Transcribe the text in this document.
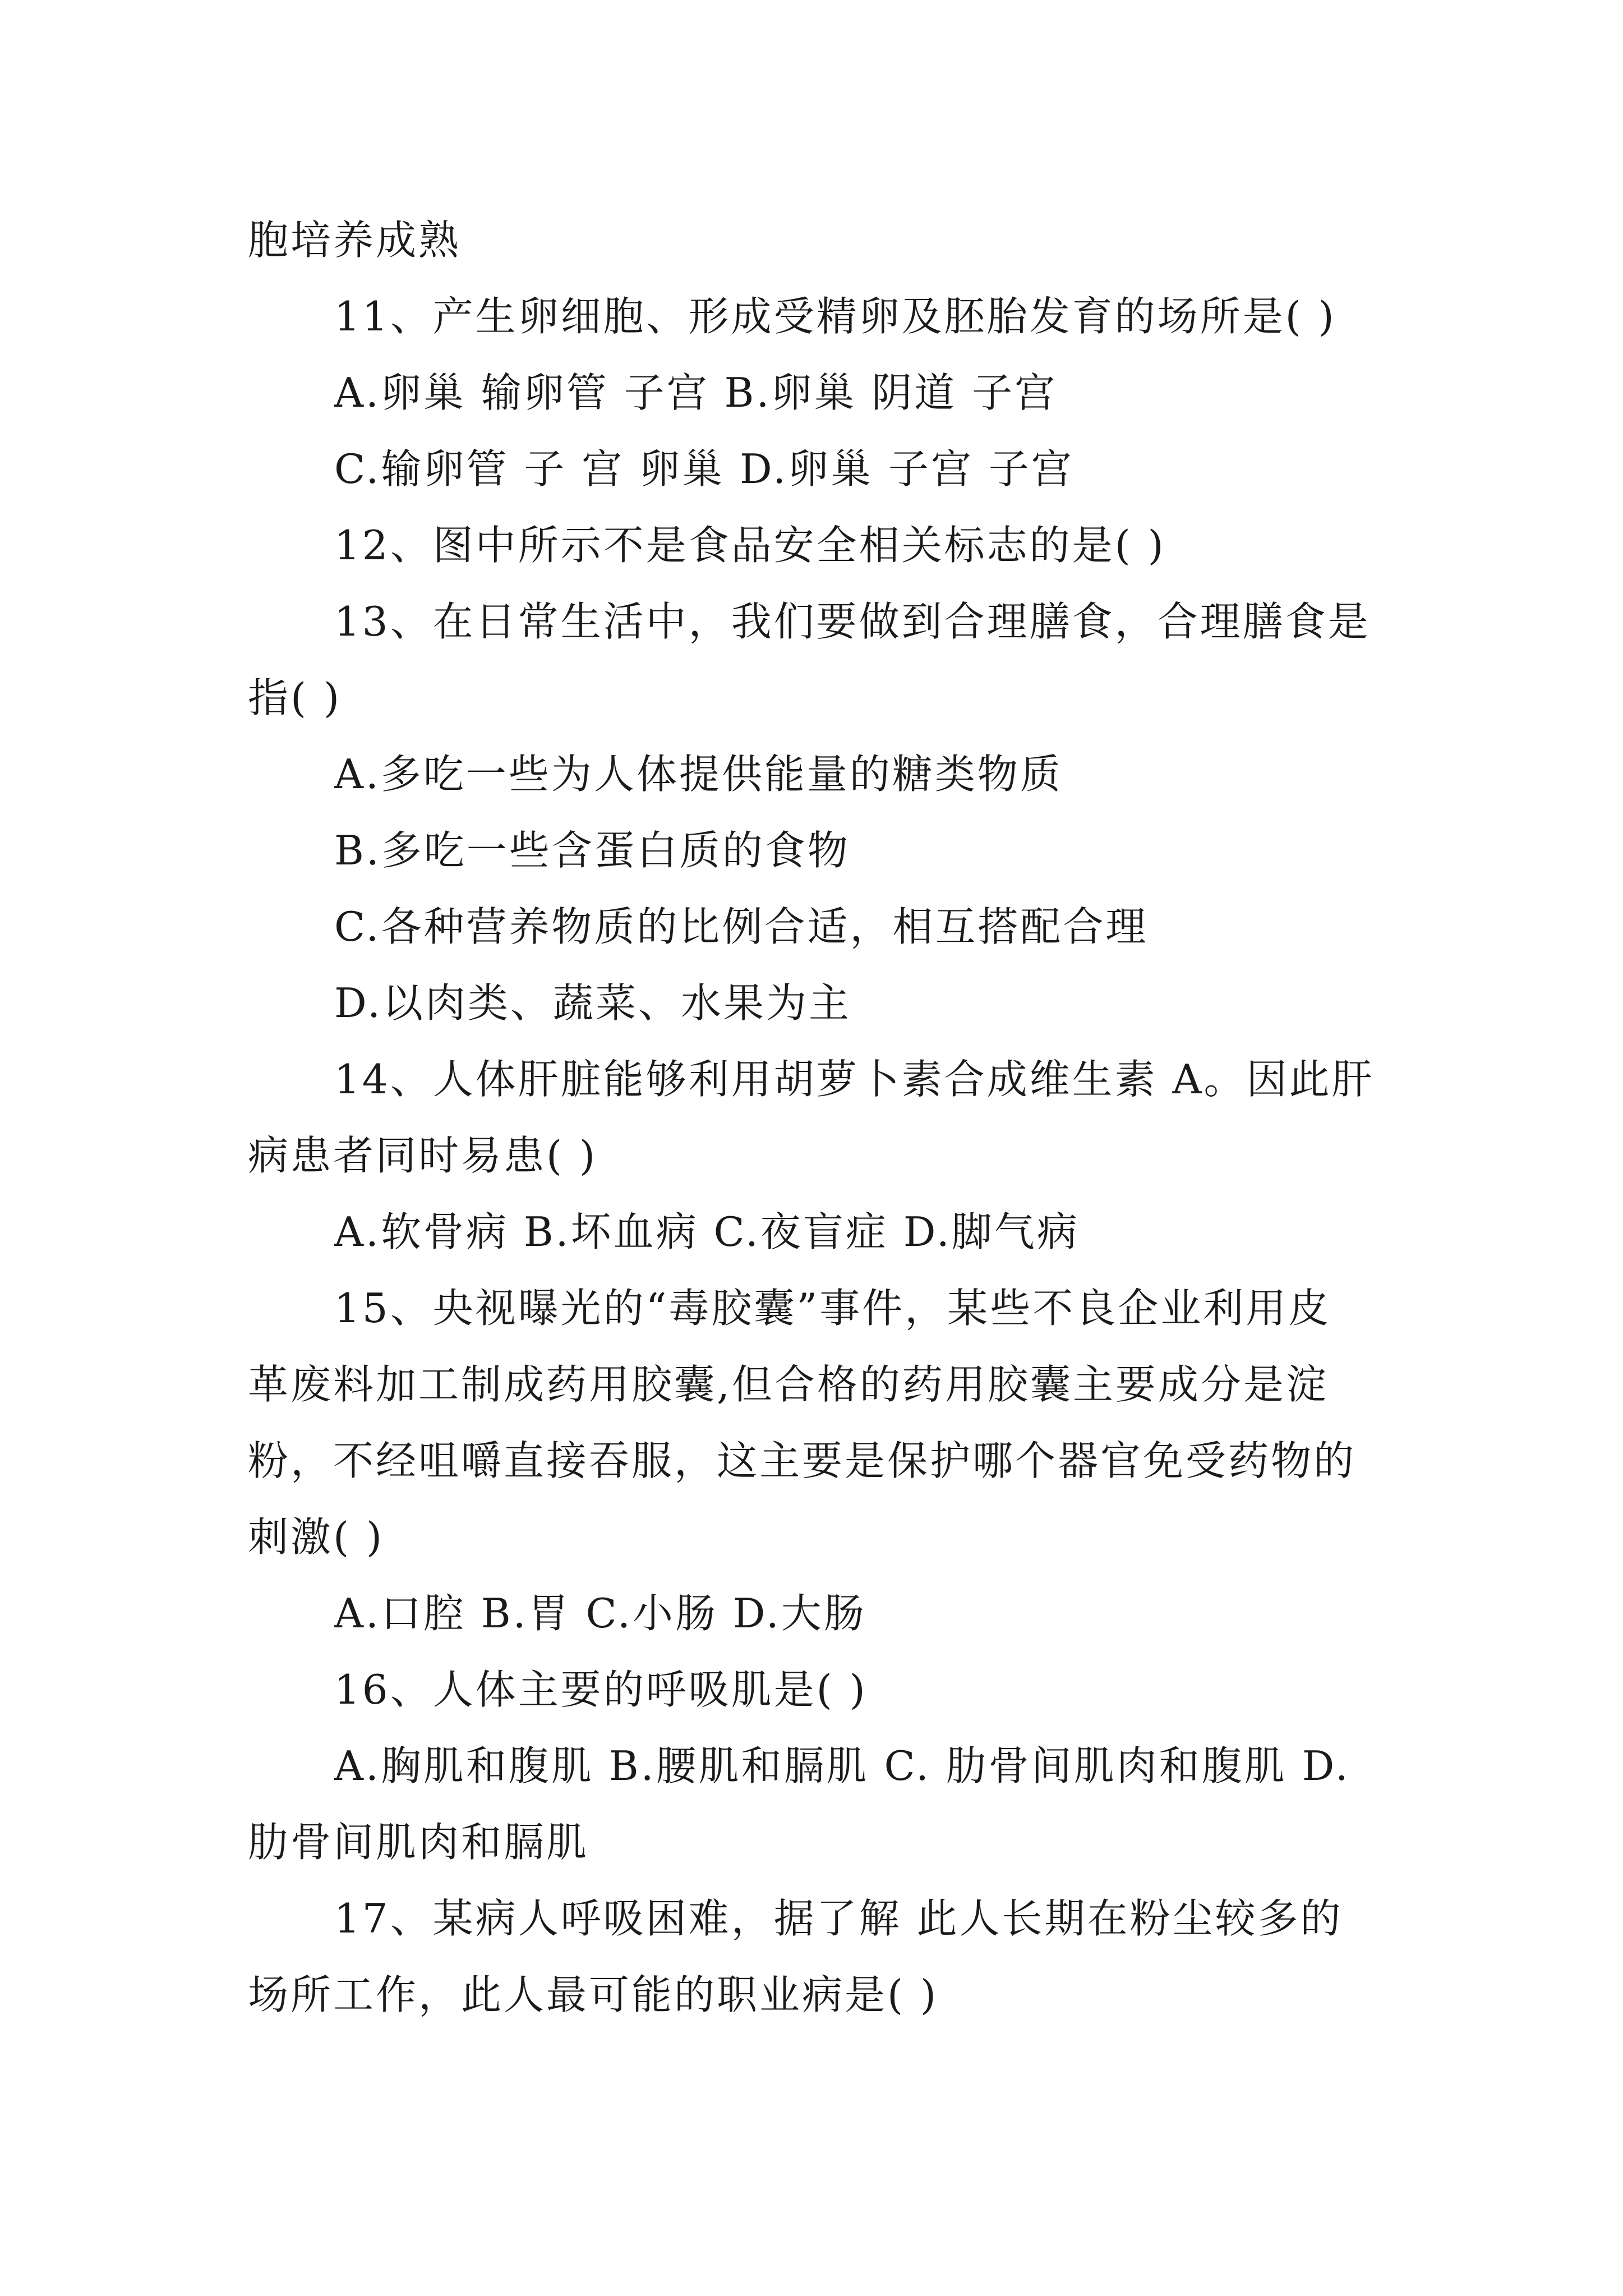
胞培养成熟
11、产生卵细胞、形成受精卵及胚胎发育的场所是( )
A.卵巢 输卵管 子宫 B.卵巢 阴道 子宫
C.输卵管 子 宫 卵巢 D.卵巢 子宫 子宫
12、图中所示不是食品安全相关标志的是( )
13、在日常生活中，我们要做到合理膳食，合理膳食是
指( )
A.多吃一些为人体提供能量的糖类物质
B.多吃一些含蛋白质的食物
C.各种营养物质的比例合适，相互搭配合理
D.以肉类、蔬菜、水果为主
14、人体肝脏能够利用胡萝卜素合成维生素 A。因此肝
病患者同时易患( )
A.软骨病 B.坏血病 C.夜盲症 D.脚气病
15、央视曝光的“毒胶囊”事件，某些不良企业利用皮
革废料加工制成药用胶囊,但合格的药用胶囊主要成分是淀
粉，不经咀嚼直接吞服，这主要是保护哪个器官免受药物的
刺激( )
A.口腔 B.胃 C.小肠 D.大肠
16、人体主要的呼吸肌是( )
A.胸肌和腹肌 B.腰肌和膈肌 C. 肋骨间肌肉和腹肌 D.
肋骨间肌肉和膈肌
17、某病人呼吸困难，据了解 此人长期在粉尘较多的
场所工作，此人最可能的职业病是( )
